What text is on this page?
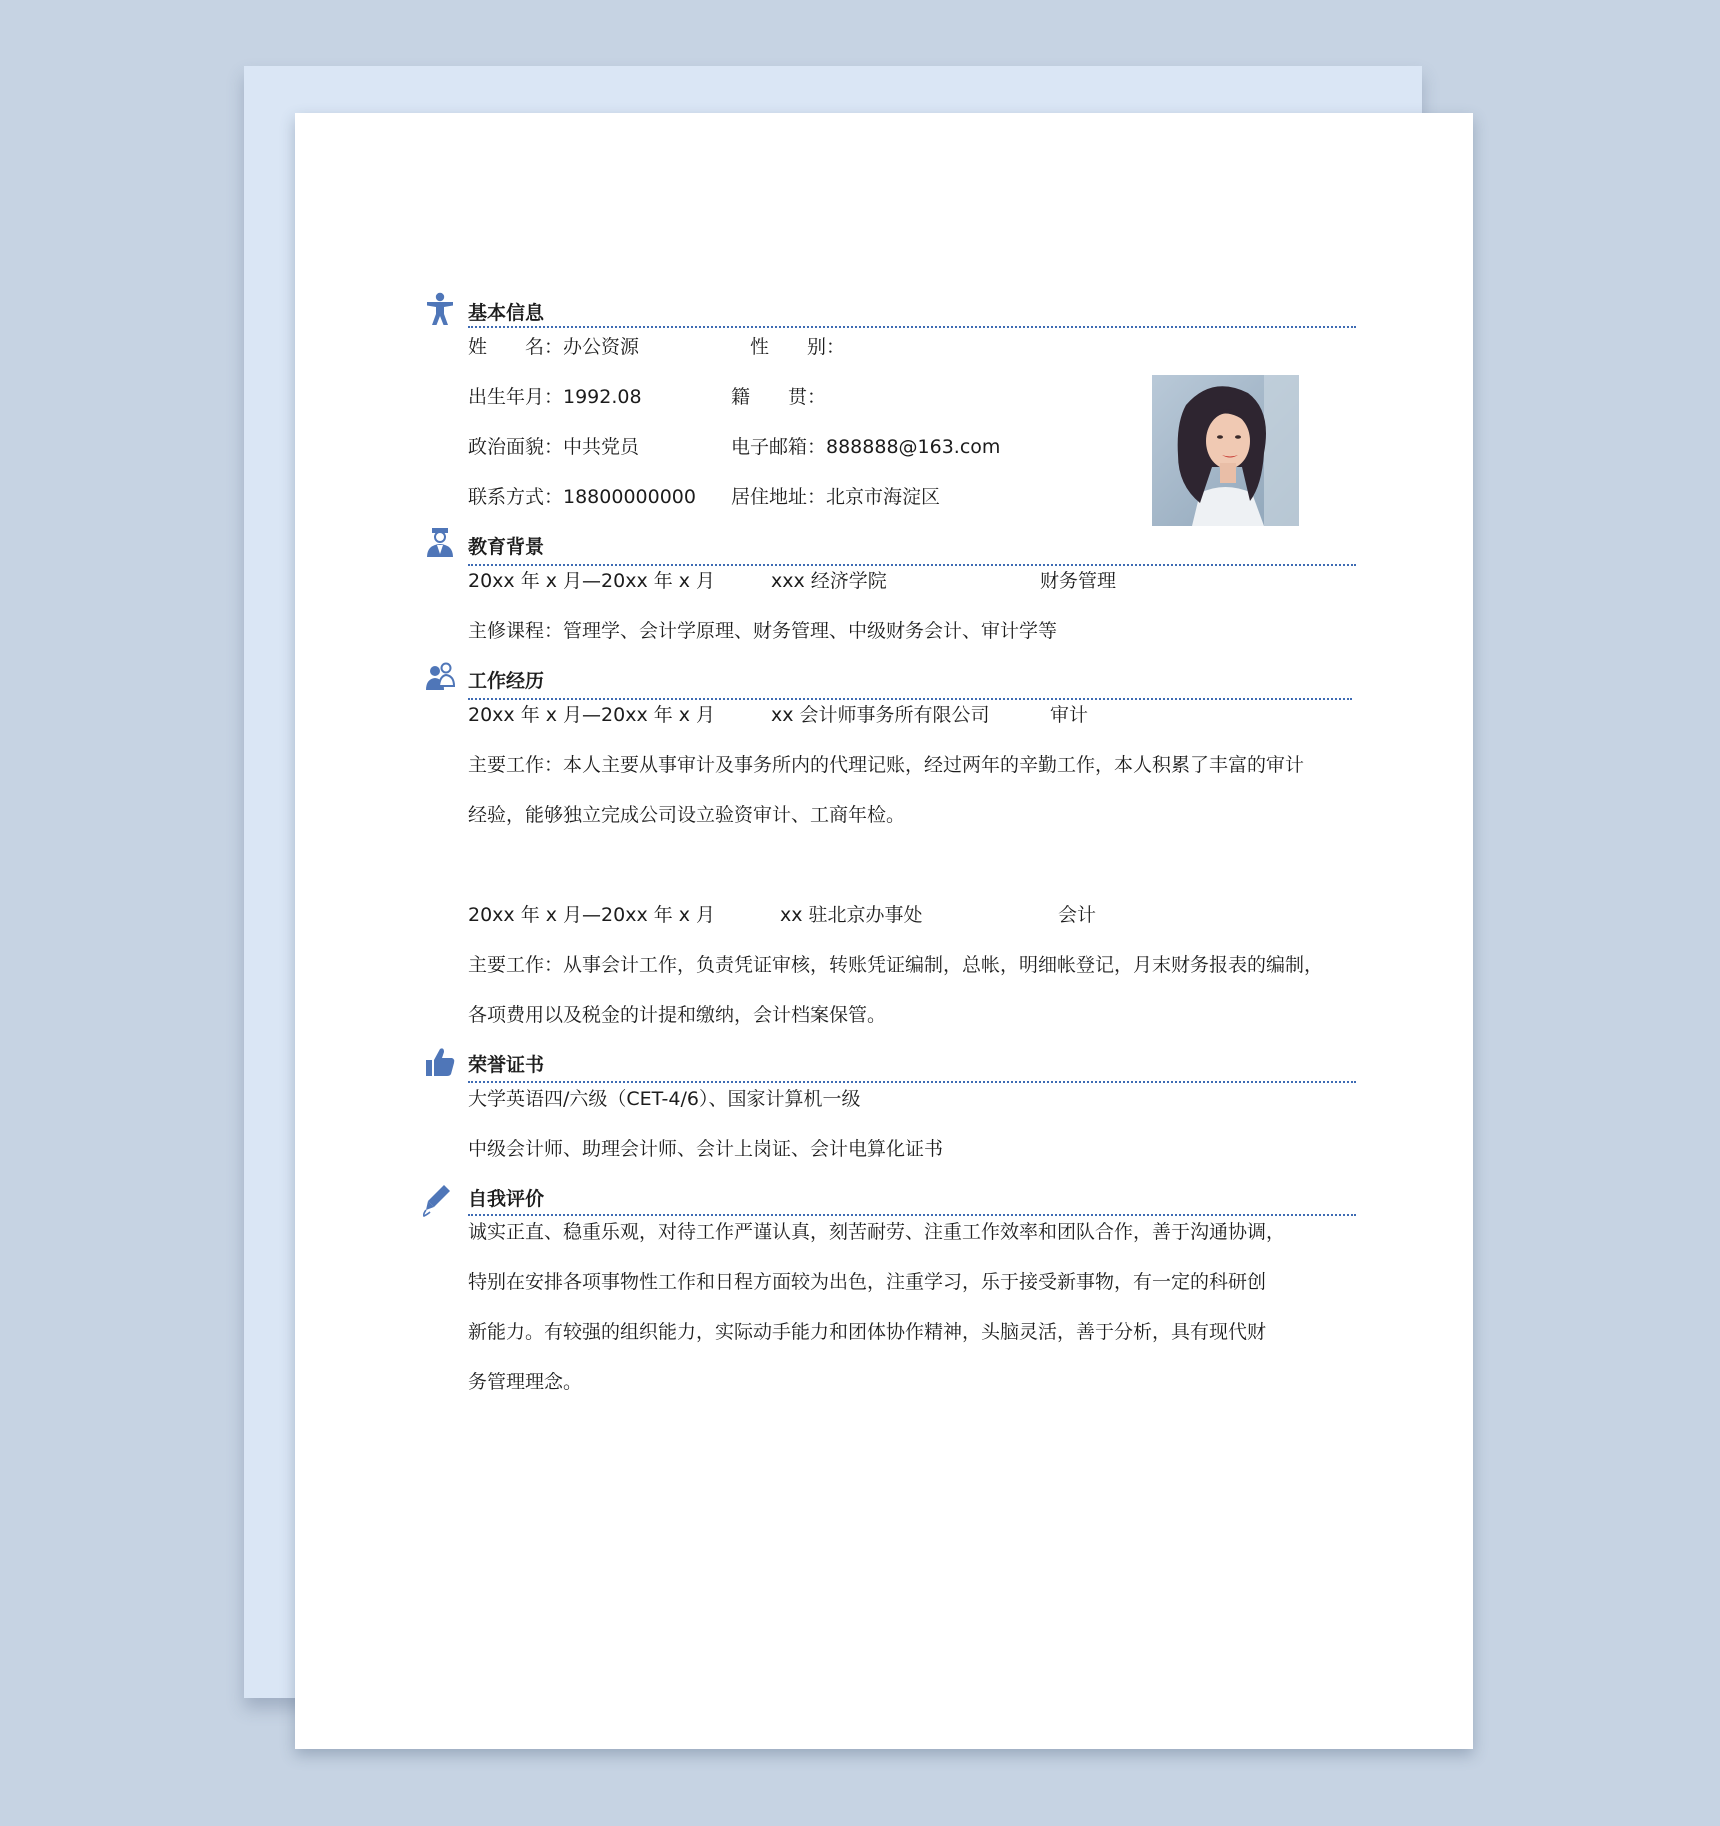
基本信息
姓　　名：办公资源	性　　别：
出生年月：1992.08	籍　　贯：
政治面貌：中共党员	电子邮箱：888888@163.com
联系方式：18800000000 居住地址：北京市海淀区
教育背景
20xx 年 x 月—20xx 年 x 月	xxx 经济学院	财务管理
主修课程：管理学、会计学原理、财务管理、中级财务会计、审计学等
工作经历
20xx 年 x 月—20xx 年 x 月	xx 会计师事务所有限公司	审计
主要工作：本人主要从事审计及事务所内的代理记账，经过两年的辛勤工作，本人积累了丰富的审计
经验，能够独立完成公司设立验资审计、工商年检。
20xx 年 x 月—20xx 年 x 月	xx 驻北京办事处	会计
主要工作：从事会计工作，负责凭证审核，转账凭证编制，总帐，明细帐登记，月末财务报表的编制，
各项费用以及税金的计提和缴纳，会计档案保管。
荣誉证书
大学英语四/六级（CET-4/6）、国家计算机一级
中级会计师、助理会计师、会计上岗证、会计电算化证书
自我评价
诚实正直、稳重乐观，对待工作严谨认真，刻苦耐劳、注重工作效率和团队合作，善于沟通协调，
特别在安排各项事物性工作和日程方面较为出色，注重学习，乐于接受新事物，有一定的科研创
新能力。有较强的组织能力，实际动手能力和团体协作精神，头脑灵活，善于分析，具有现代财
务管理理念。
